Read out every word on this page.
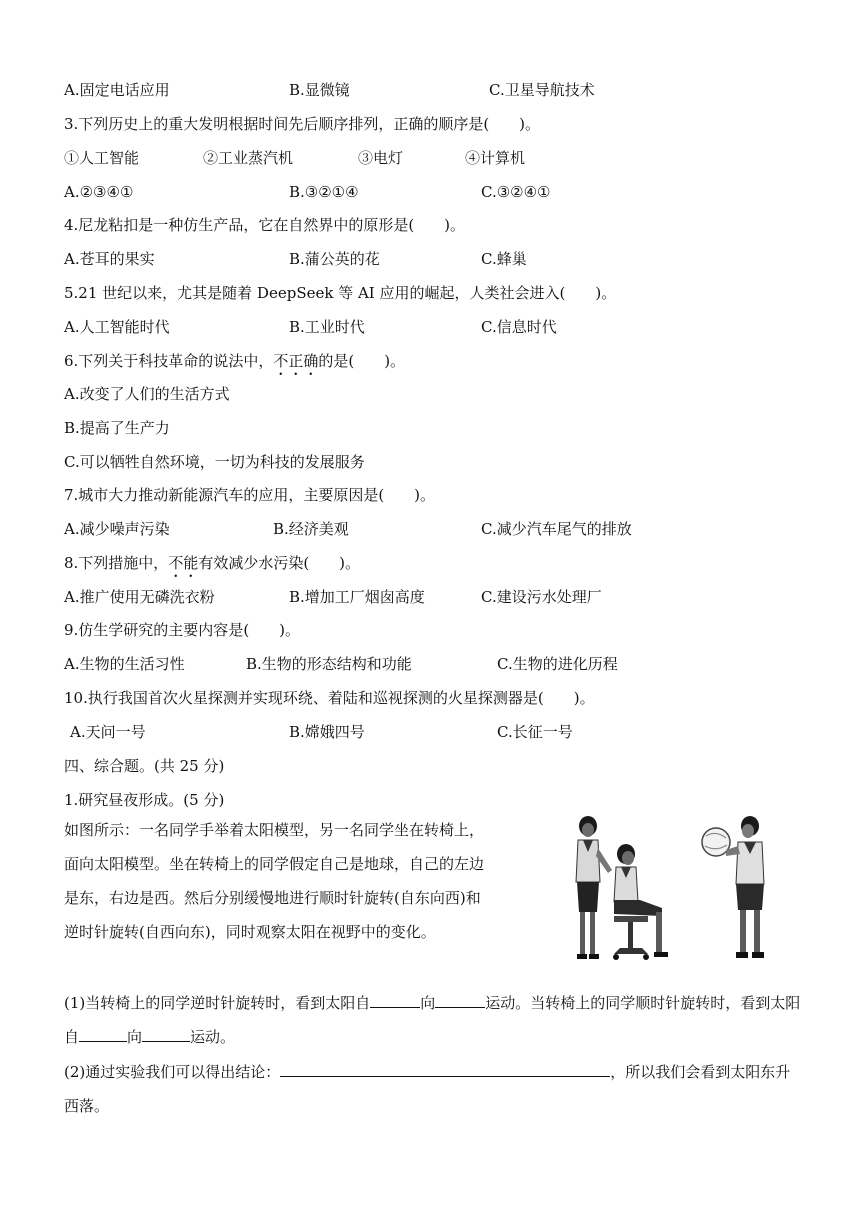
A.固定电话应用	B.显微镜	C.卫星导航技术
3.下列历史上的重大发明根据时间先后顺序排列，正确的顺序是(　　)。
①人工智能	②工业蒸汽机	③电灯	④计算机
A.②③④①	B.③②①④	C.③②④①
4.尼龙粘扣是一种仿生产品，它在自然界中的原形是(　　)。
A.苍耳的果实	B.蒲公英的花	C.蜂巢
5.21 世纪以来，尤其是随着 DeepSeek 等 AI 应用的崛起，人类社会进入(　　)。
A.人工智能时代	B.工业时代	C.信息时代
6.下列关于科技革命的说法中，不正确的是(　　)。
A.改变了人们的生活方式
B.提高了生产力
C.可以牺牲自然环境，一切为科技的发展服务
7.城市大力推动新能源汽车的应用，主要原因是(　　)。
A.减少噪声污染	B.经济美观	C.减少汽车尾气的排放
8.下列措施中，不能有效减少水污染(　　)。
A.推广使用无磷洗衣粉	B.增加工厂烟囱高度	C.建设污水处理厂
9.仿生学研究的主要内容是(　　)。
A.生物的生活习性	B.生物的形态结构和功能	C.生物的进化历程
10.执行我国首次火星探测并实现环绕、着陆和巡视探测的火星探测器是(　　)。
A.天问一号	B.嫦娥四号	C.长征一号
四、综合题。(共 25 分)
1.研究昼夜形成。(5 分)
如图所示：一名同学手举着太阳模型，另一名同学坐在转椅上，面向太阳模型。坐在转椅上的同学假定自己是地球，自己的左边是东，右边是西。然后分别缓慢地进行顺时针旋转(自东向西)和逆时针旋转(自西向东)，同时观察太阳在视野中的变化。
(1)当转椅上的同学逆时针旋转时，看到太阳自	向	运动。当转椅上的同学顺时针旋转时，看到太阳自	向	运动。
(2)通过实验我们可以得出结论：	，所以我们会看到太阳东升西落。
